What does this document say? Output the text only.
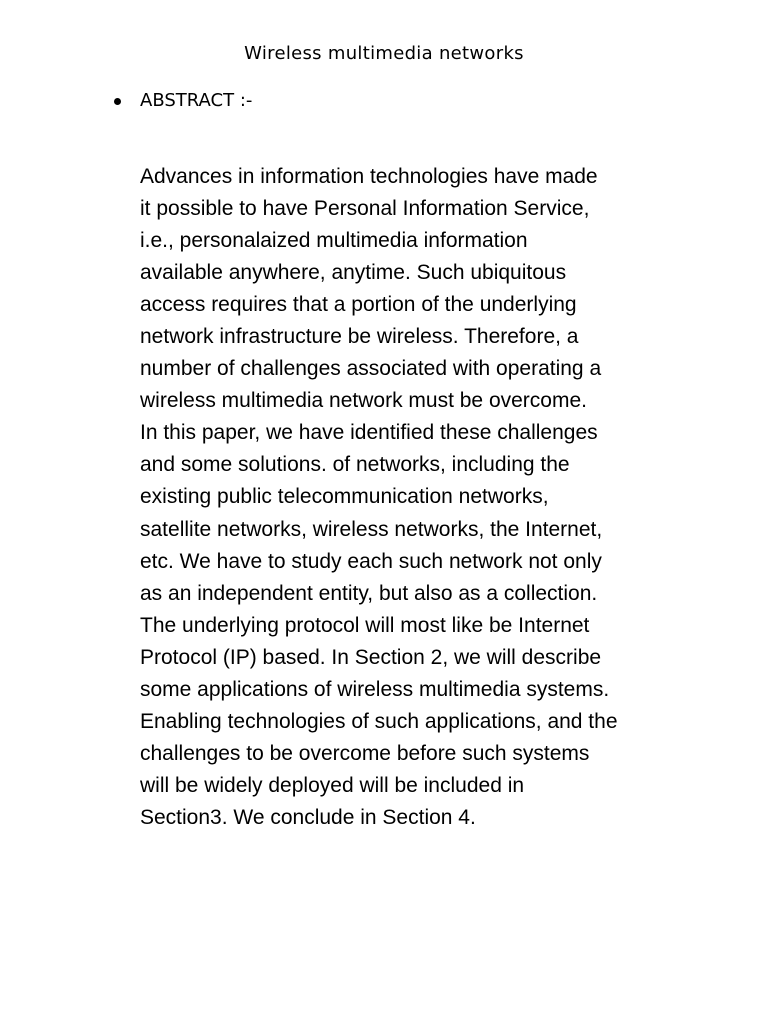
Wireless multimedia networks
ABSTRACT :-

Advances in information technologies have made
it possible to have Personal Information Service,
i.e., personalaized multimedia information
available anywhere, anytime. Such ubiquitous
access requires that a portion of the underlying
network infrastructure be wireless. Therefore, a
number of challenges associated with operating a
wireless multimedia network must be overcome.
In this paper, we have identified these challenges
and some solutions. of networks, including the
existing public telecommunication networks,
satellite networks, wireless networks, the Internet,
etc. We have to study each such network not only
as an independent entity, but also as a collection.
The underlying protocol will most like be Internet
Protocol (IP) based. In Section 2, we will describe
some applications of wireless multimedia systems.
Enabling technologies of such applications, and the
challenges to be overcome before such systems
will be widely deployed will be included in
Section3. We conclude in Section 4.
